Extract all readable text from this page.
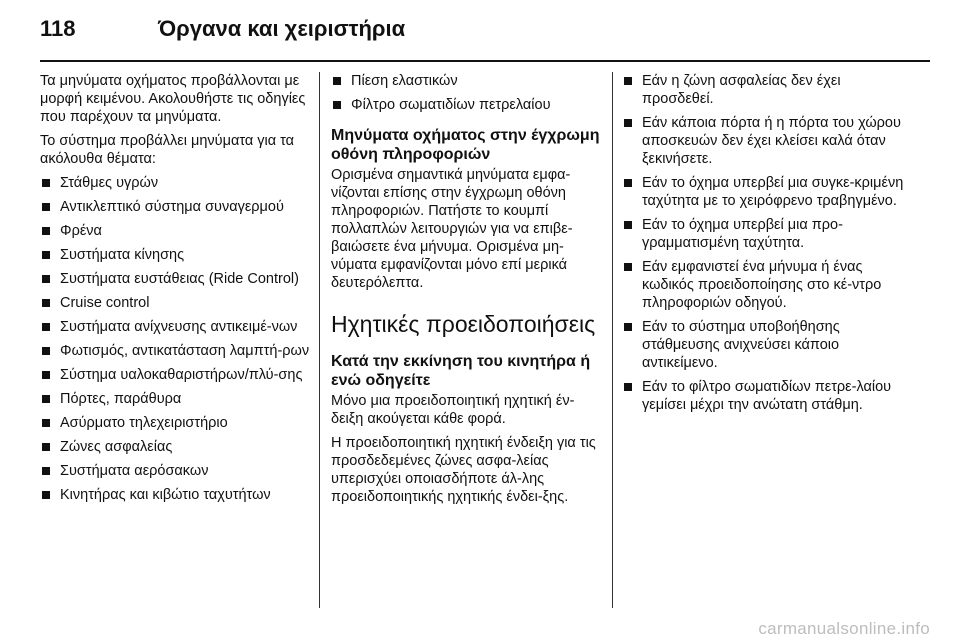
118	Όργανα και χειριστήρια

Τα μηνύματα οχήματος προβάλλονται με μορφή κειμένου. Ακολουθήστε τις οδηγίες που παρέχουν τα μηνύματα.

Το σύστημα προβάλλει μηνύματα για τα ακόλουθα θέματα:

Στάθμες υγρών
Αντικλεπτικό σύστημα συναγερμού
Φρένα
Συστήματα κίνησης
Συστήματα ευστάθειας (Ride Control)
Cruise control
Συστήματα ανίχνευσης αντικειμέ-νων
Φωτισμός, αντικατάσταση λαμπτή-ρων
Σύστημα υαλοκαθαριστήρων/πλύ-σης
Πόρτες, παράθυρα
Ασύρματο τηλεχειριστήριο
Ζώνες ασφαλείας
Συστήματα αερόσακων
Κινητήρας και κιβώτιο ταχυτήτων
Πίεση ελαστικών
Φίλτρο σωματιδίων πετρελαίου
Μηνύματα οχήματος στην έγχρωμη οθόνη πληροφοριών

Ορισμένα σημαντικά μηνύματα εμφα-νίζονται επίσης στην έγχρωμη οθόνη πληροφοριών. Πατήστε το κουμπί πολλαπλών λειτουργιών για να επιβε-βαιώσετε ένα μήνυμα. Ορισμένα μη-νύματα εμφανίζονται μόνο επί μερικά δευτερόλεπτα.

Ηχητικές προειδοποιήσεις
Κατά την εκκίνηση του κινητήρα ή ενώ οδηγείτε

Μόνο μια προειδοποιητική ηχητική έν-δειξη ακούγεται κάθε φορά.

Η προειδοποιητική ηχητική ένδειξη για τις προσδεδεμένες ζώνες ασφα-λείας υπερισχύει οποιασδήποτε άλ-λης προειδοποιητικής ηχητικής ένδει-ξης.

Εάν η ζώνη ασφαλείας δεν έχει προσδεθεί.
Εάν κάποια πόρτα ή η πόρτα του χώρου αποσκευών δεν έχει κλείσει καλά όταν ξεκινήσετε.
Εάν το όχημα υπερβεί μια συγκε-κριμένη ταχύτητα με το χειρόφρενο τραβηγμένο.
Εάν το όχημα υπερβεί μια προ-γραμματισμένη ταχύτητα.
Εάν εμφανιστεί ένα μήνυμα ή ένας κωδικός προειδοποίησης στο κέ-ντρο πληροφοριών οδηγού.
Εάν το σύστημα υποβοήθησης στάθμευσης ανιχνεύσει κάποιο αντικείμενο.
Εάν το φίλτρο σωματιδίων πετρε-λαίου γεμίσει μέχρι την ανώτατη στάθμη.
carmanualsonline.info
